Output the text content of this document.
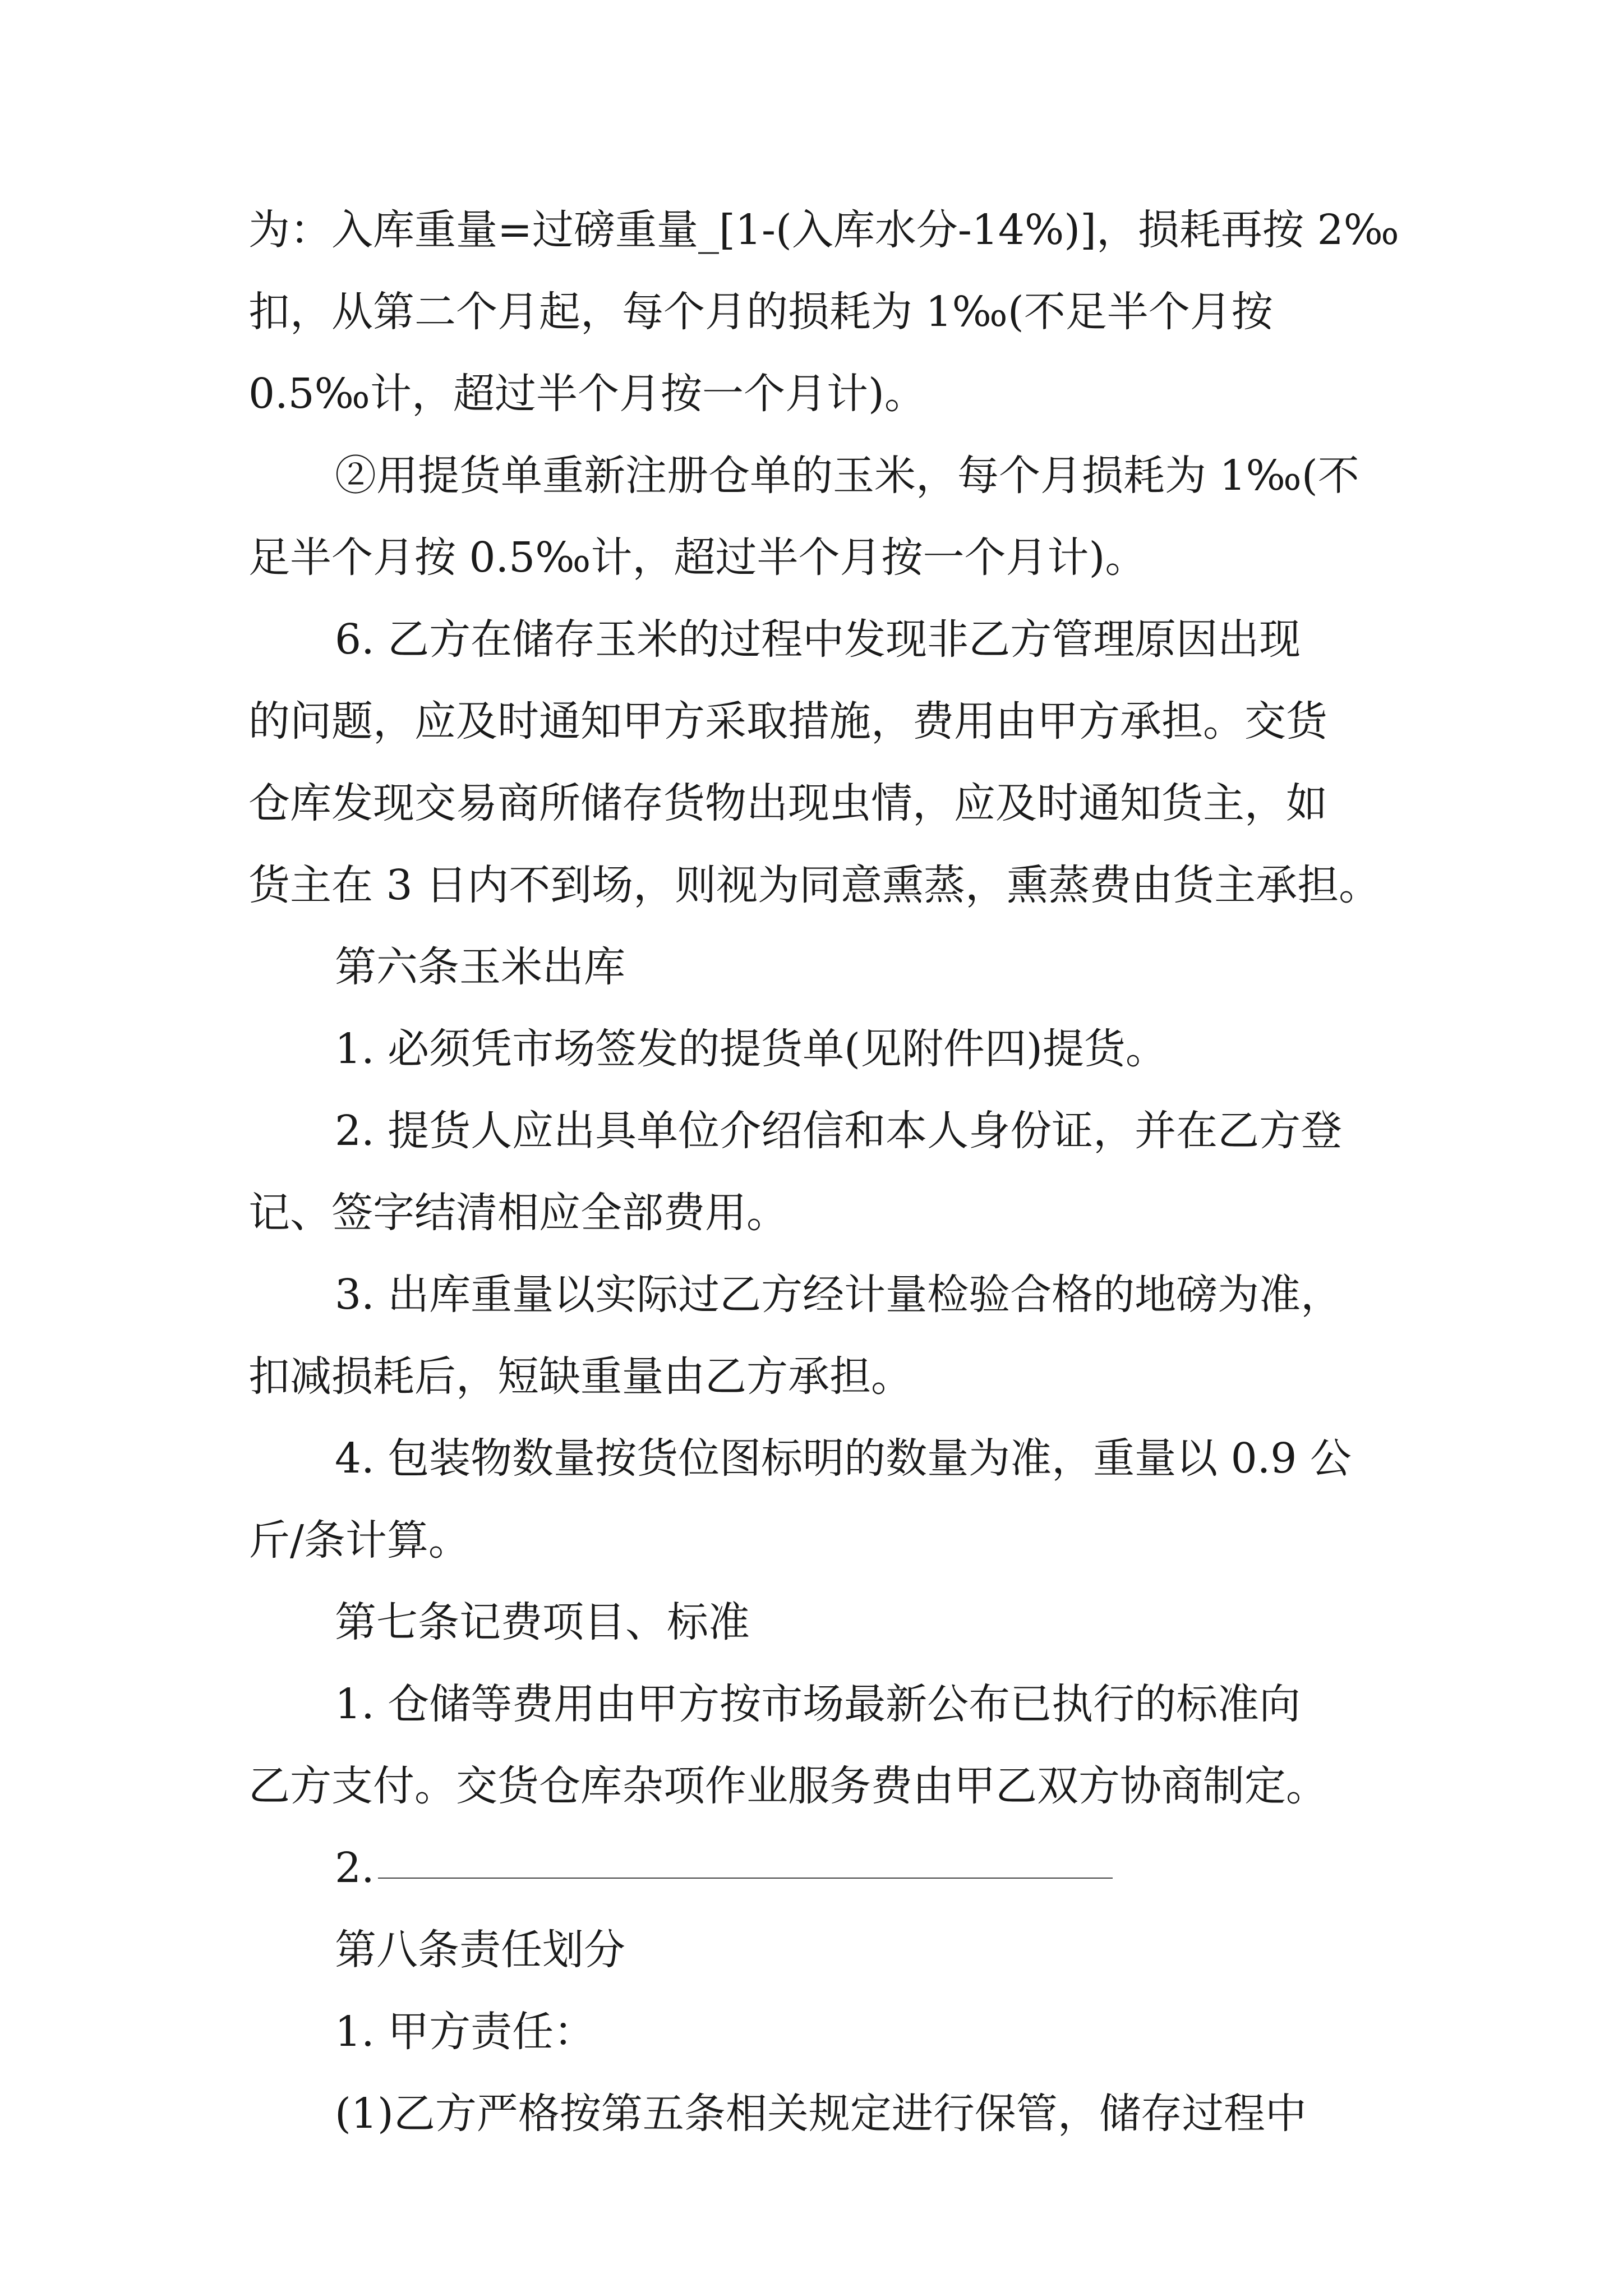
为：入库重量=过磅重量_[1-(入库水分-14%)]，损耗再按 2‰
扣，从第二个月起，每个月的损耗为 1‰(不足半个月按
0.5‰计，超过半个月按一个月计)。
②用提货单重新注册仓单的玉米，每个月损耗为 1‰(不
足半个月按 0.5‰计，超过半个月按一个月计)。
6. 乙方在储存玉米的过程中发现非乙方管理原因出现
的问题，应及时通知甲方采取措施，费用由甲方承担。交货
仓库发现交易商所储存货物出现虫情，应及时通知货主，如
货主在 3 日内不到场，则视为同意熏蒸，熏蒸费由货主承担。
第六条玉米出库
1. 必须凭市场签发的提货单(见附件四)提货。
2. 提货人应出具单位介绍信和本人身份证，并在乙方登
记、签字结清相应全部费用。
3. 出库重量以实际过乙方经计量检验合格的地磅为准，
扣减损耗后，短缺重量由乙方承担。
4. 包装物数量按货位图标明的数量为准，重量以 0.9 公
斤/条计算。
第七条记费项目、标准
1. 仓储等费用由甲方按市场最新公布已执行的标准向
乙方支付。交货仓库杂项作业服务费由甲乙双方协商制定。
2.
第八条责任划分
1. 甲方责任：
(1)乙方严格按第五条相关规定进行保管，储存过程中
